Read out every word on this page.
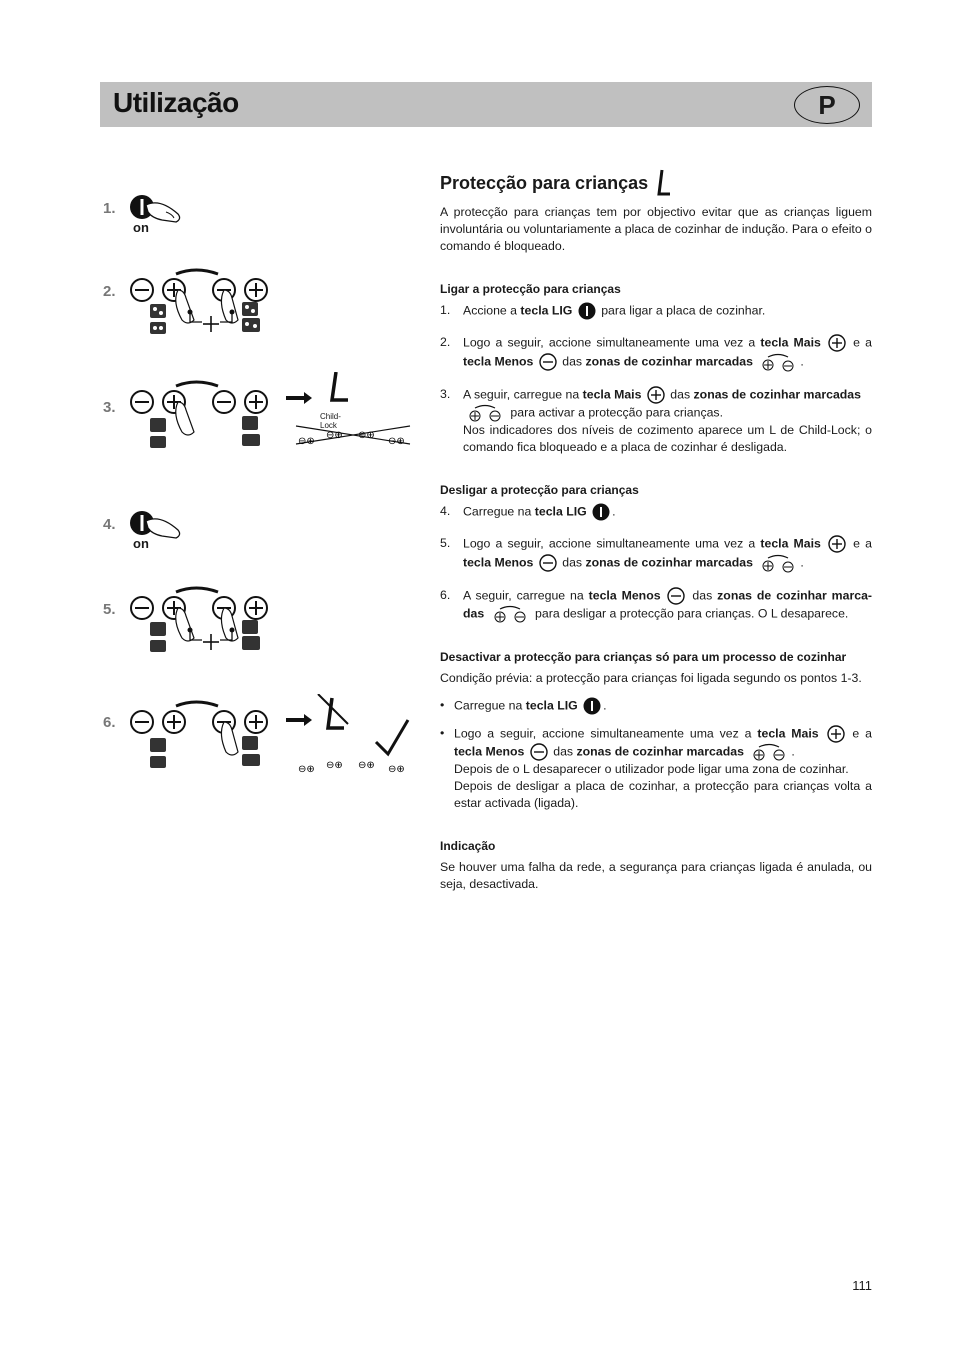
Utilização	P
1.
on
2.
3.
⊖⊕
⊖⊕ ⊖⊕
⊖⊕
Child-Lock
4.
on
5.
6.
⊖⊕ ⊖⊕ ⊖⊕ ⊖⊕
Protecção para crianças

A protecção para crianças tem por objectivo evitar que as crianças liguem involuntária ou voluntariamente a placa de cozinhar de indução. Para o efeito o comando é bloqueado.

Ligar a protecção para crianças
1. Accione a tecla LIG  para ligar a placa de cozinhar.
2. Logo a seguir, accione simultaneamente uma vez a tecla Mais	e a tecla Menos  das zonas de cozinhar marcadas	.
3. A seguir, carregue na tecla Mais  das zonas de cozinhar marcadas
para activar a protecção para crianças.
Nos indicadores dos níveis de cozimento aparece um L de Child-Lock; o comando fica bloqueado e a placa de cozinhar é desligada.
Desligar a protecção para crianças
4. Carregue na tecla LIG .
5. Logo a seguir, accione simultaneamente uma vez a tecla Mais	e a tecla Menos  das zonas de cozinhar marcadas	.
6. A seguir, carregue na tecla Menos	das zonas de cozinhar marca-das	para desligar a protecção para crianças. O L desaparece.
Desactivar a protecção para crianças só para um processo de cozinhar

Condição prévia: a protecção para crianças foi ligada segundo os pontos 1-3.

• Carregue na tecla LIG .
• Logo a seguir, accione simultaneamente uma vez a tecla Mais	e a tecla Menos  das zonas de cozinhar marcadas	.
Depois de o L desaparecer o utilizador pode ligar uma zona de cozinhar.
Depois de desligar a placa de cozinhar, a protecção para crianças volta a estar activada (ligada).
Indicação

Se houver uma falha da rede, a segurança para crianças ligada é anulada, ou seja, desactivada.

111
